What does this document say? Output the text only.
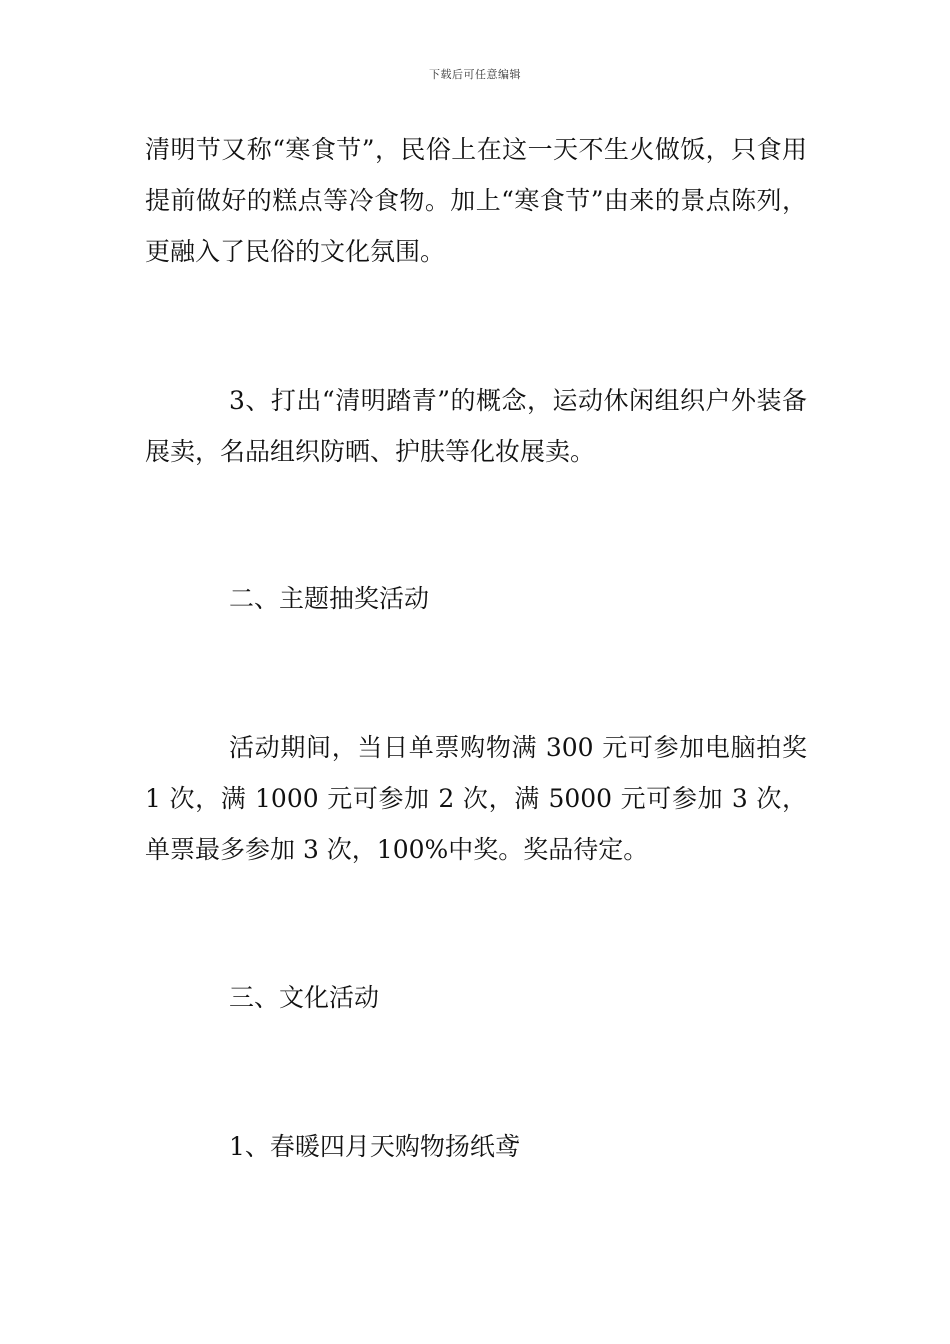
下载后可任意编辑

清明节又称“寒食节”，民俗上在这一天不生火做饭，只食用提前做好的糕点等冷食物。加上“寒食节”由来的景点陈列，更融入了民俗的文化氛围。

3、打出“清明踏青”的概念，运动休闲组织户外装备展卖，名品组织防晒、护肤等化妆展卖。

二、主题抽奖活动

活动期间，当日单票购物满 300 元可参加电脑拍奖 1 次，满 1000 元可参加 2 次，满 5000 元可参加 3 次，单票最多参加 3 次，100%中奖。奖品待定。

三、文化活动

1、春暖四月天购物扬纸鸢
